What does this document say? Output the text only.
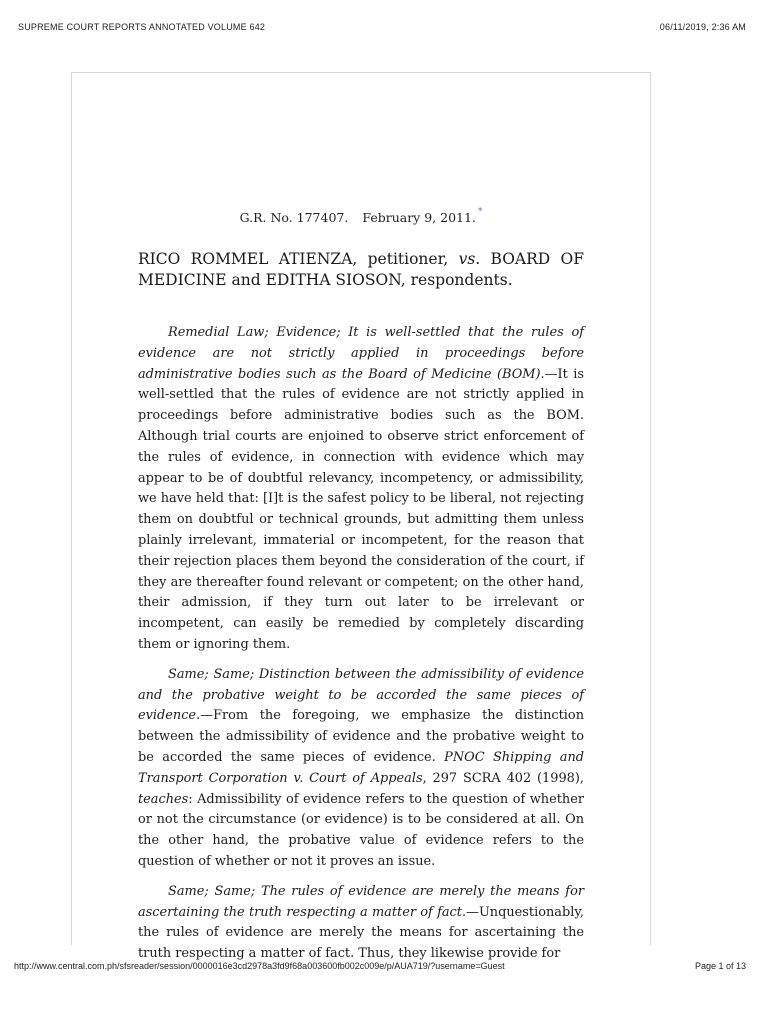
SUPREME COURT REPORTS ANNOTATED VOLUME 642	06/11/2019, 2:36 AM
G.R. No. 177407. February 9, 2011. *
RICO ROMMEL ATIENZA, petitioner, vs. BOARD OF MEDICINE and EDITHA SIOSON, respondents.

Remedial Law; Evidence; It is well-settled that the rules of evidence are not strictly applied in proceedings before administrative bodies such as the Board of Medicine (BOM).—It is well-settled that the rules of evidence are not strictly applied in proceedings before administrative bodies such as the BOM. Although trial courts are enjoined to observe strict enforcement of the rules of evidence, in connection with evidence which may appear to be of doubtful relevancy, incompetency, or admissibility, we have held that: [I]t is the safest policy to be liberal, not rejecting them on doubtful or technical grounds, but admitting them unless plainly irrelevant, immaterial or incompetent, for the reason that their rejection places them beyond the consideration of the court, if they are thereafter found relevant or competent; on the other hand, their admission, if they turn out later to be irrelevant or incompetent, can easily be remedied by completely discarding them or ignoring them.

Same; Same; Distinction between the admissibility of evidence and the probative weight to be accorded the same pieces of evidence.—From the foregoing, we emphasize the distinction between the admissibility of evidence and the probative weight to be accorded the same pieces of evidence. PNOC Shipping and Transport Corporation v. Court of Appeals, 297 SCRA 402 (1998), teaches: Admissibility of evidence refers to the question of whether or not the circumstance (or evidence) is to be considered at all. On the other hand, the probative value of evidence refers to the question of whether or not it proves an issue.

Same; Same; The rules of evidence are merely the means for ascertaining the truth respecting a matter of fact.—Unquestionably, the rules of evidence are merely the means for ascertaining the truth respecting a matter of fact. Thus, they likewise provide for

http://www.central.com.ph/sfsreader/session/0000016e3cd2978a3fd9f68a003600fb002c009e/p/AUA719/?username=Guest	Page 1 of 13
